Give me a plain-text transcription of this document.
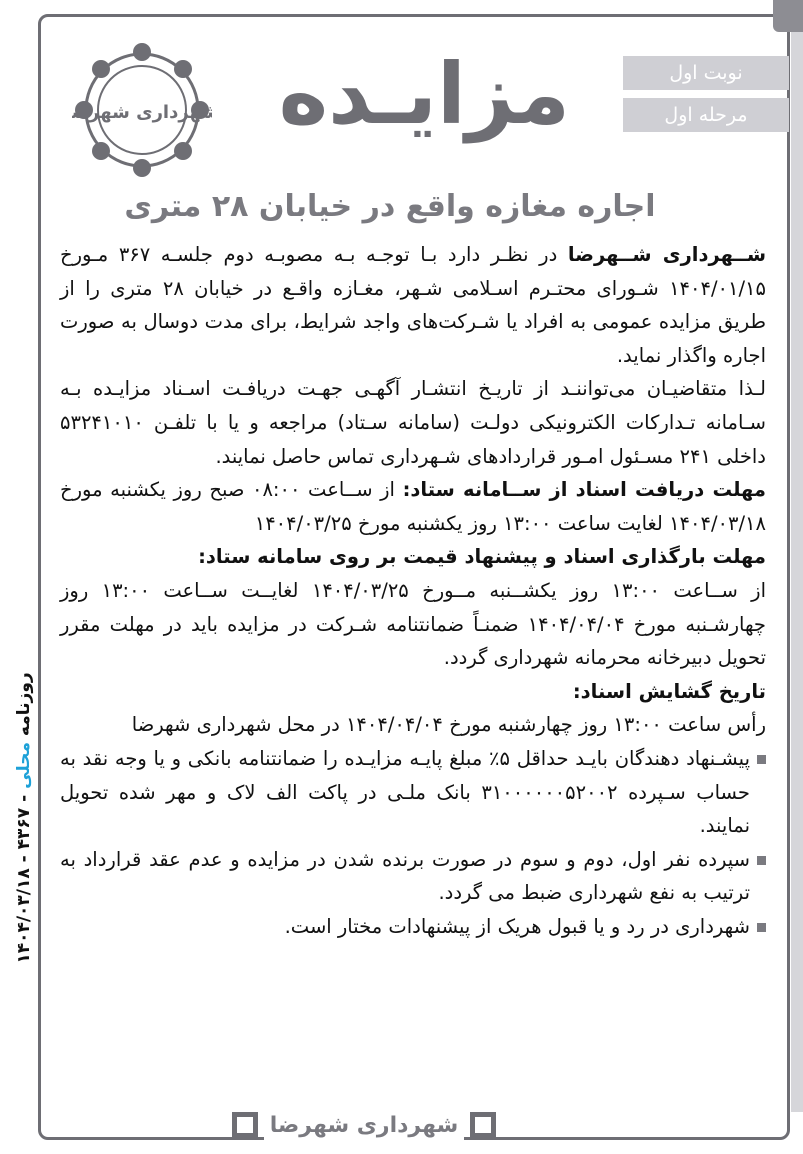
نوبت اول
مرحله اول
مزایـده
شهرداری شهرضا
اجاره مغازه واقع در خیابان ۲۸ متری

شــهرداری شــهرضا در نظـر دارد بـا توجـه بـه مصوبـه دوم جلسـه ۳۶۷ مـورخ ۱۴۰۴/۰۱/۱۵ شـورای محتـرم اسـلامی شـهر، مغـازه واقـع در خیابان ۲۸ متری را از طریق مزایده عمومی به افراد یا شـرکت‌های واجد شرایط، برای مدت دوسال به صورت اجاره واگذار نماید.

لـذا متقاضیـان می‌تواننـد از تاریـخ انتشـار آگهـی جهـت دریافـت اسـناد مزایـده بـه سـامانه تـدارکات الکترونیکی دولـت (سامانه سـتاد) مراجعه و یا با تلفـن ۵۳۲۴۱۰۱۰ داخلی ۲۴۱ مسـئول امـور قراردادهای شـهرداری تماس حاصل نمایند.

مهلت دریافت اسناد از ســامانه ستاد: از ســاعت ۰۸:۰۰ صبح روز یکشنبه مورخ ۱۴۰۴/۰۳/۱۸ لغایت ساعت ۱۳:۰۰ روز یکشنبه مورخ ۱۴۰۴/۰۳/۲۵

مهلت بارگذاری اسناد و پیشنهاد قیمت بر روی سامانه ستاد:

از ســاعت ۱۳:۰۰ روز یکشــنبه مــورخ ۱۴۰۴/۰۳/۲۵ لغایــت ســاعت ۱۳:۰۰ روز چهارشـنبه مورخ ۱۴۰۴/۰۴/۰۴ ضمنـاً ضمانتنامه شـرکت در مزایده باید در مهلت مقرر تحویل دبیرخانه محرمانه شهرداری گردد.

تاریخ گشایش اسناد:

رأس ساعت ۱۳:۰۰ روز چهارشنبه مورخ ۱۴۰۴/۰۴/۰۴ در محل شهرداری شهرضا

پیشـنهاد دهندگان بایـد حداقل ۵٪ مبلغ پایـه مزایـده را ضمانتنامه بانکی و یا وجه نقد به حساب سـپرده ۳۱۰۰۰۰۰۰۵۲۰۰۲ بانک ملـی در پاکت الف لاک و مهر شده تحویل نمایند.

سپرده نفر اول، دوم و سوم در صورت برنده شدن در مزایده و عدم عقد قرارداد به ترتیب به نفع شهرداری ضبط می گردد.

شهرداری در رد و یا قبول هریک از پیشنهادات مختار است.

روزنامه محلی - ۴۳۶۷ - ۱۴۰۴/۰۳/۱۸
شهرداری شهرضا
